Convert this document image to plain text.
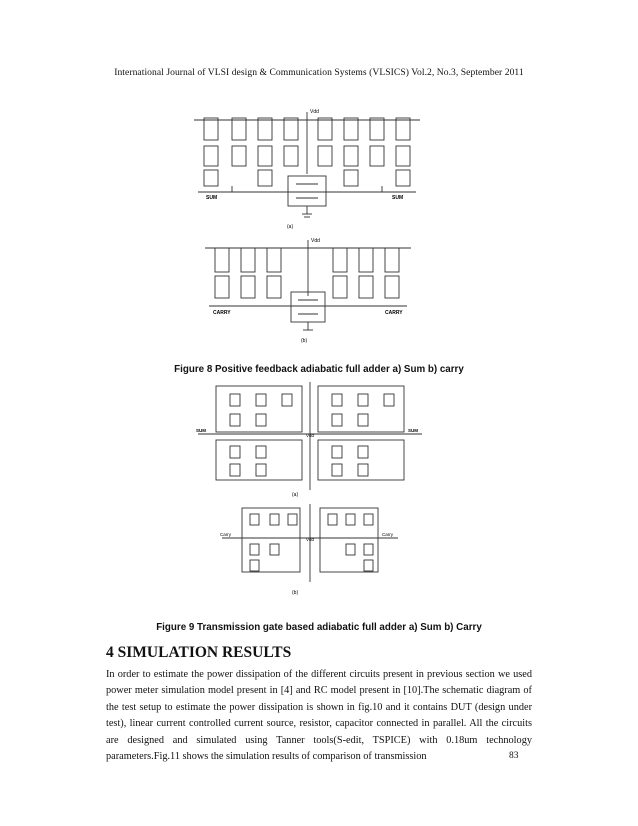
International Journal of VLSI design & Communication Systems (VLSICS) Vol.2, No.3, September 2011
Vdd
SUM	SUM
(a)
Vdd
CARRY	CARRY
(b)
Figure 8 Positive feedback adiabatic full adder a) Sum b) carry
Vdd
SUM	SUM
(a)
Vdd
Carry	Carry
(b)
Figure 9 Transmission gate based adiabatic full adder a) Sum b) Carry
4 SIMULATION RESULTS
In order to estimate the power dissipation of the different circuits present in previous section we used power meter simulation model present in [4] and RC model present in [10].The schematic diagram of the test setup to estimate the power dissipation is shown in fig.10 and it contains DUT (design under test), linear current controlled current source, resistor, capacitor connected in parallel. All the circuits are designed and simulated using Tanner tools(S-edit, TSPICE) with 0.18um technology parameters.Fig.11 shows the simulation results of comparison of transmission	83
